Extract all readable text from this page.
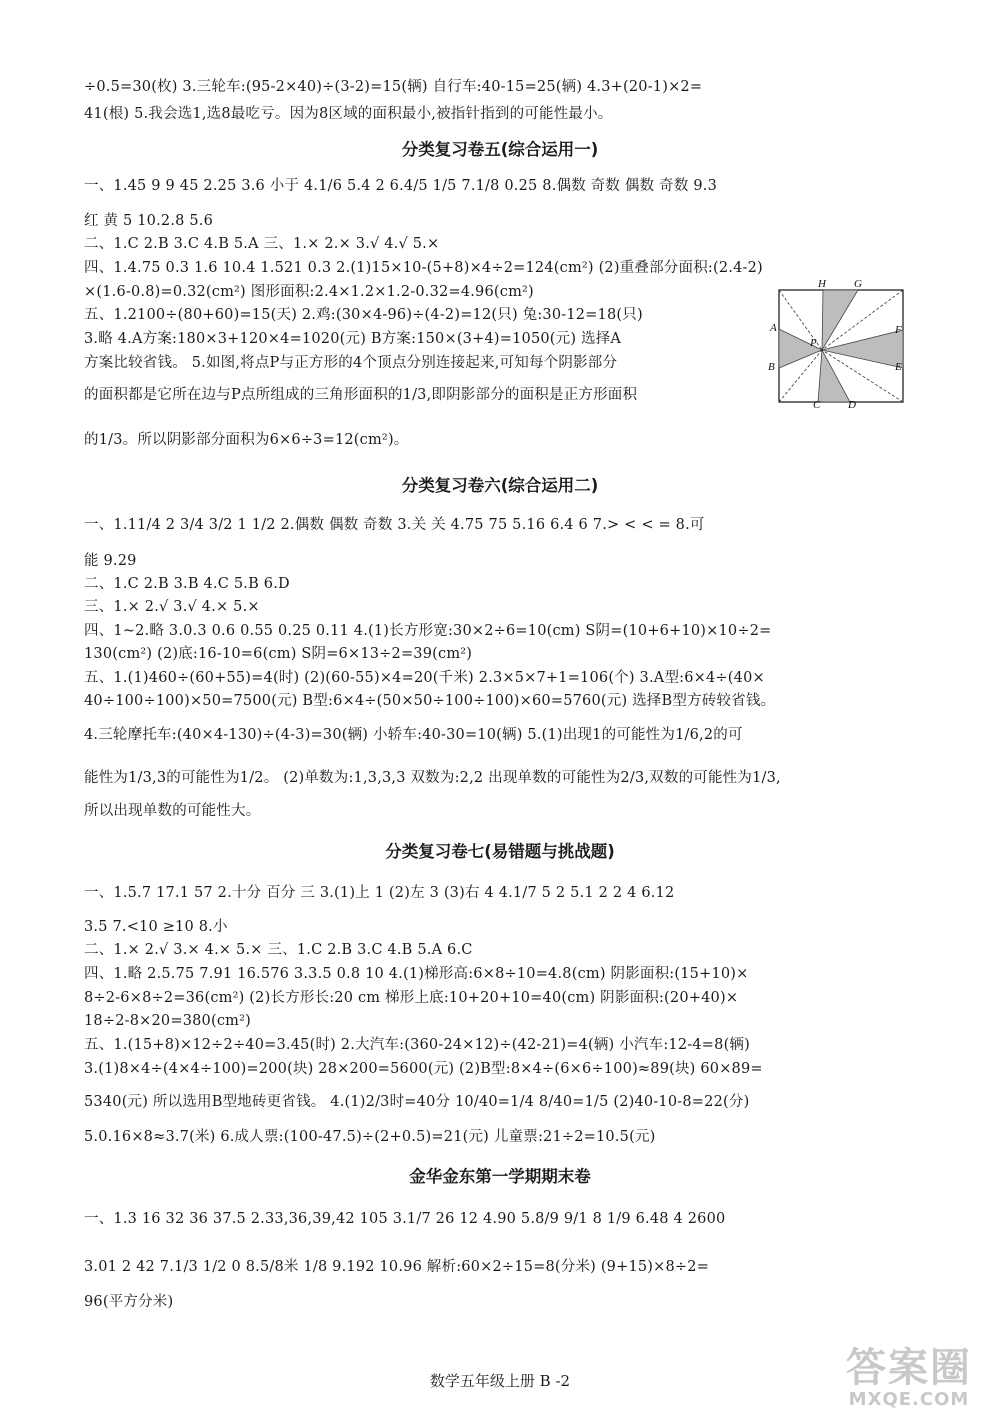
÷0.5=30(枚) 3.三轮车:(95-2×40)÷(3-2)=15(辆) 自行车:40-15=25(辆) 4.3+(20-1)×2=
41(根) 5.我会选1,选8最吃亏。因为8区域的面积最小,被指针指到的可能性最小。
分类复习卷五(综合运用一)
一、1.45 9 9 45 2.25 3.6 小于 4.1/6 5.4 2 6.4/5 1/5 7.1/8 0.25 8.偶数 奇数 偶数 奇数 9.3
红 黄 5 10.2.8 5.6
二、1.C 2.B 3.C 4.B 5.A 三、1.× 2.× 3.√ 4.√ 5.×
四、1.4.75 0.3 1.6 10.4 1.521 0.3 2.(1)15×10-(5+8)×4÷2=124(cm²) (2)重叠部分面积:(2.4-2)
×(1.6-0.8)=0.32(cm²) 图形面积:2.4×1.2×1.2-0.32=4.96(cm²)
五、1.2100÷(80+60)=15(天) 2.鸡:(30×4-96)÷(4-2)=12(只) 兔:30-12=18(只)
3.略 4.A方案:180×3+120×4=1020(元) B方案:150×(3+4)=1050(元) 选择A
方案比较省钱。 5.如图,将点P与正方形的4个顶点分别连接起来,可知每个阴影部分
的面积都是它所在边与P点所组成的三角形面积的1/3,即阴影部分的面积是正方形面积
的1/3。所以阴影部分面积为6×6÷3=12(cm²)。
H	G
A	F
P
B	E
C	D
分类复习卷六(综合运用二)
一、1.11/4 2 3/4 3/2 1 1/2 2.偶数 偶数 奇数 3.关 关 4.75 75 5.16 6.4 6 7.> < < = 8.可
能 9.29
二、1.C 2.B 3.B 4.C 5.B 6.D
三、1.× 2.√ 3.√ 4.× 5.×
四、1~2.略 3.0.3 0.6 0.55 0.25 0.11 4.(1)长方形宽:30×2÷6=10(cm) S阴=(10+6+10)×10÷2=
130(cm²) (2)底:16-10=6(cm) S阴=6×13÷2=39(cm²)
五、1.(1)460÷(60+55)=4(时) (2)(60-55)×4=20(千米) 2.3×5×7+1=106(个) 3.A型:6×4÷(40×
40÷100÷100)×50=7500(元) B型:6×4÷(50×50÷100÷100)×60=5760(元) 选择B型方砖较省钱。
4.三轮摩托车:(40×4-130)÷(4-3)=30(辆) 小轿车:40-30=10(辆) 5.(1)出现1的可能性为1/6,2的可
能性为1/3,3的可能性为1/2。 (2)单数为:1,3,3,3 双数为:2,2 出现单数的可能性为2/3,双数的可能性为1/3,
所以出现单数的可能性大。
分类复习卷七(易错题与挑战题)
一、1.5.7 17.1 57 2.十分 百分 三 3.(1)上 1 (2)左 3 (3)右 4 4.1/7 5 2 5.1 2 2 4 6.12
3.5 7.<10 ≥10 8.小
二、1.× 2.√ 3.× 4.× 5.× 三、1.C 2.B 3.C 4.B 5.A 6.C
四、1.略 2.5.75 7.91 16.576 3.3.5 0.8 10 4.(1)梯形高:6×8÷10=4.8(cm) 阴影面积:(15+10)×
8÷2-6×8÷2=36(cm²) (2)长方形长:20 cm 梯形上底:10+20+10=40(cm) 阴影面积:(20+40)×
18÷2-8×20=380(cm²)
五、1.(15+8)×12÷2÷40=3.45(时) 2.大汽车:(360-24×12)÷(42-21)=4(辆) 小汽车:12-4=8(辆)
3.(1)8×4÷(4×4÷100)=200(块) 28×200=5600(元) (2)B型:8×4÷(6×6÷100)≈89(块) 60×89=
5340(元) 所以选用B型地砖更省钱。 4.(1)2/3时=40分 10/40=1/4 8/40=1/5 (2)40-10-8=22(分)
5.0.16×8≈3.7(米) 6.成人票:(100-47.5)÷(2+0.5)=21(元) 儿童票:21÷2=10.5(元)
金华金东第一学期期末卷
一、1.3 16 32 36 37.5 2.33,36,39,42 105 3.1/7 26 12 4.90 5.8/9 9/1 8 1/9 6.48 4 2600
3.01 2 42 7.1/3 1/2 0 8.5/8米 1/8 9.192 10.96 解析:60×2÷15=8(分米) (9+15)×8÷2=
96(平方分米)
数学五年级上册 B -2	答案圈
MXQE.COM
